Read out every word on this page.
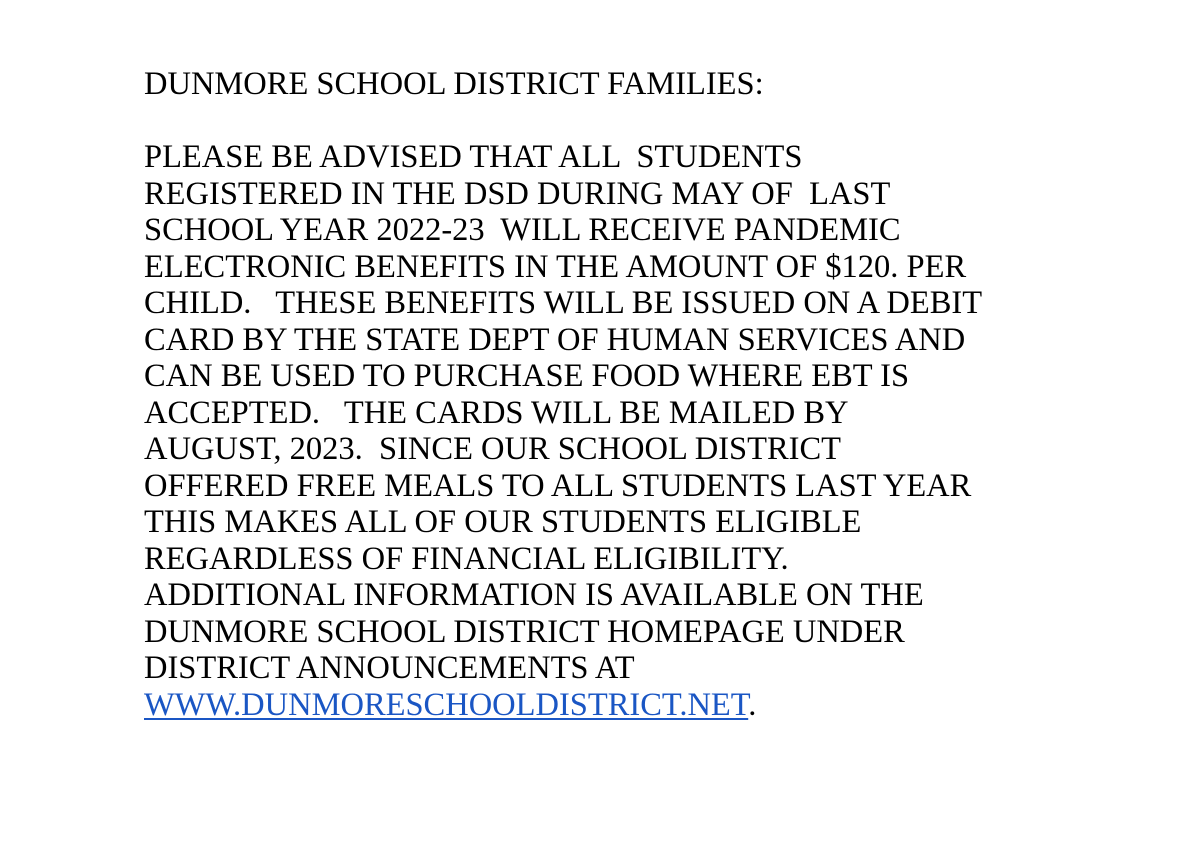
DUNMORE SCHOOL DISTRICT FAMILIES:

PLEASE BE ADVISED THAT ALL  STUDENTS
REGISTERED IN THE DSD DURING MAY OF  LAST
SCHOOL YEAR 2022-23  WILL RECEIVE PANDEMIC
ELECTRONIC BENEFITS IN THE AMOUNT OF $120. PER
CHILD.   THESE BENEFITS WILL BE ISSUED ON A DEBIT
CARD BY THE STATE DEPT OF HUMAN SERVICES AND
CAN BE USED TO PURCHASE FOOD WHERE EBT IS
ACCEPTED.   THE CARDS WILL BE MAILED BY
AUGUST, 2023.  SINCE OUR SCHOOL DISTRICT
OFFERED FREE MEALS TO ALL STUDENTS LAST YEAR
THIS MAKES ALL OF OUR STUDENTS ELIGIBLE
REGARDLESS OF FINANCIAL ELIGIBILITY.
ADDITIONAL INFORMATION IS AVAILABLE ON THE
DUNMORE SCHOOL DISTRICT HOMEPAGE UNDER
DISTRICT ANNOUNCEMENTS AT
WWW.DUNMORESCHOOLDISTRICT.NET.
